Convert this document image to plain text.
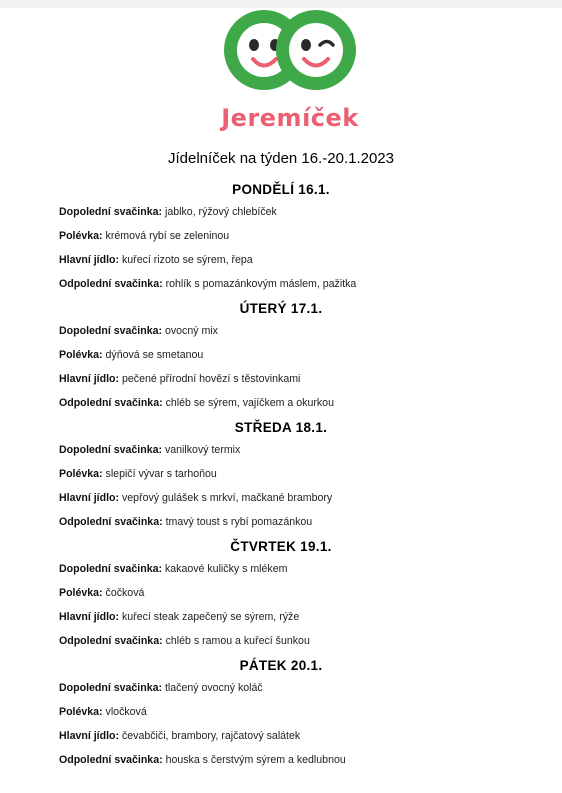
Jeremíček
Jídelníček na týden 16.-20.1.2023
PONDĚLÍ 16.1.
Dopolední svačinka: jablko, rýžový chlebíček
Polévka: krémová rybí se zeleninou
Hlavní jídlo: kuřecí rizoto se sýrem, řepa
Odpolední svačinka: rohlík s pomazánkovým máslem, pažitka
ÚTERÝ 17.1.
Dopolední svačinka: ovocný mix
Polévka: dýňová se smetanou
Hlavní jídlo: pečené přírodní hovězí s těstovinkami
Odpolední svačinka: chléb se sýrem, vajíčkem a okurkou
STŘEDA 18.1.
Dopolední svačinka: vanilkový termix
Polévka: slepičí vývar s tarhoňou
Hlavní jídlo: vepřový gulášek s mrkví, mačkané brambory
Odpolední svačinka: tmavý toust s rybí pomazánkou
ČTVRTEK 19.1.
Dopolední svačinka: kakaové kuličky s mlékem
Polévka: čočková
Hlavní jídlo: kuřecí steak zapečený se sýrem, rýže
Odpolední svačinka: chléb s ramou a kuřecí šunkou
PÁTEK 20.1.
Dopolední svačinka: tlačený ovocný koláč
Polévka: vločková
Hlavní jídlo: čevabčiči, brambory, rajčatový salátek
Odpolední svačinka: houska s čerstvým sýrem a kedlubnou
